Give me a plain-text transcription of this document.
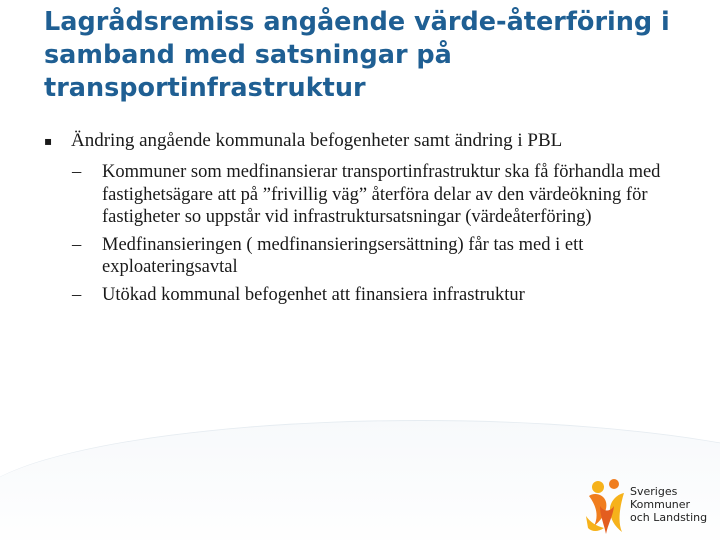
Lagrådsremiss angående värde-återföring i samband med satsningar på transportinfrastruktur
▪ Ändring angående kommunala befogenheter samt ändring i PBL
– Kommuner som medfinansierar transportinfrastruktur ska få förhandla med fastighetsägare att på ”frivillig väg” återföra delar av den värdeökning för fastigheter so uppstår vid infrastruktursatsningar (värdeåterföring)
– Medfinansieringen ( medfinansieringsersättning) får tas med i ett exploateringsavtal
– Utökad kommunal befogenhet att finansiera infrastruktur
Sveriges
Kommuner
och Landsting
